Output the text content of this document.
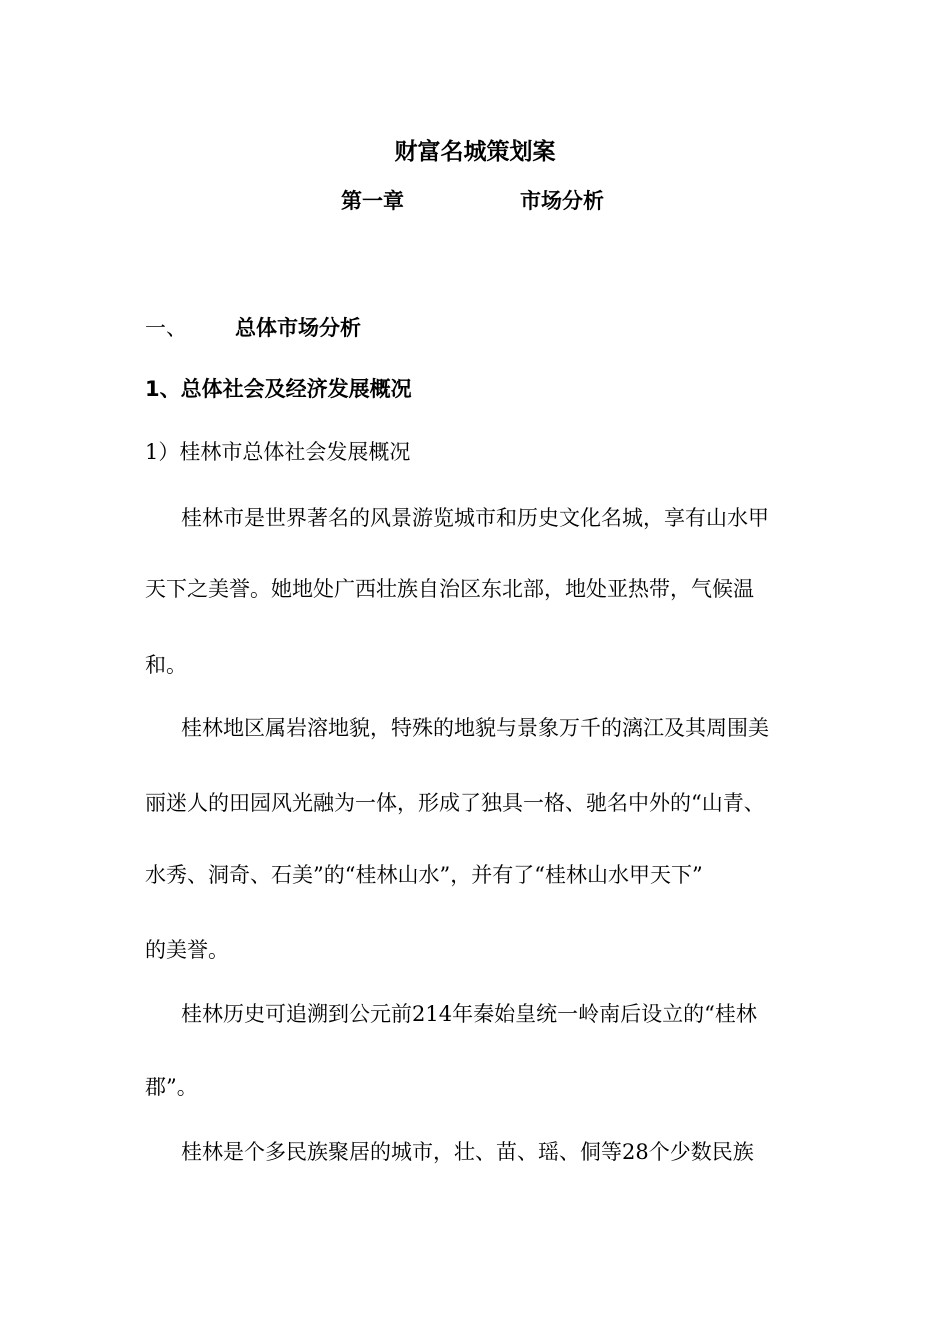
财富名城策划案
第一章	市场分析
一、 总体市场分析
1、总体社会及经济发展概况
1）桂林市总体社会发展概况
桂林市是世界著名的风景游览城市和历史文化名城，享有山水甲
天下之美誉。她地处广西壮族自治区东北部，地处亚热带，气候温
和。
桂林地区属岩溶地貌，特殊的地貌与景象万千的漓江及其周围美
丽迷人的田园风光融为一体，形成了独具一格、驰名中外的“山青、
水秀、洞奇、石美”的“桂林山水”，并有了“桂林山水甲天下”
的美誉。
桂林历史可追溯到公元前214年秦始皇统一岭南后设立的“桂林
郡”。
桂林是个多民族聚居的城市，壮、苗、瑶、侗等28个少数民族
